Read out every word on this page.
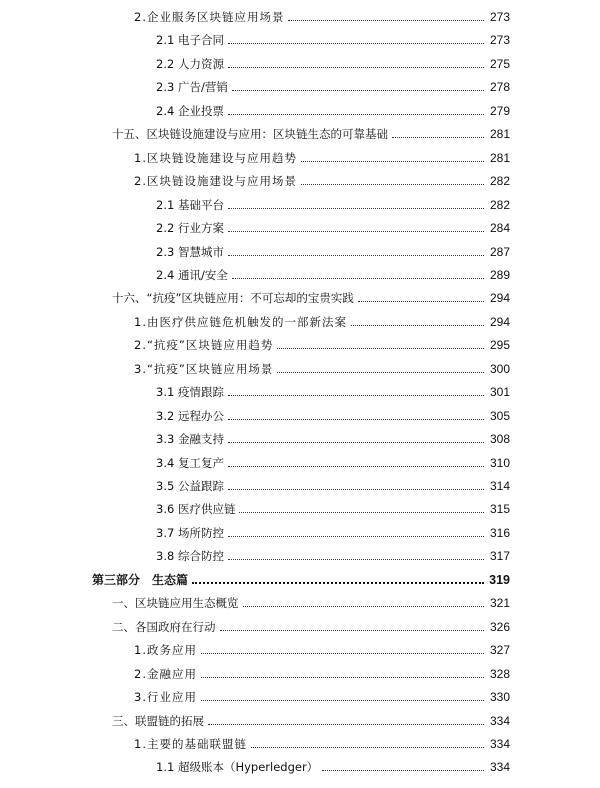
2.企业服务区块链应用场景	273
2.1 电子合同	273
2.2 人力资源	275
2.3 广告/营销	278
2.4 企业投票	279
十五、区块链设施建设与应用：区块链生态的可靠基础	281
1.区块链设施建设与应用趋势	281
2.区块链设施建设与应用场景	282
2.1 基础平台	282
2.2 行业方案	284
2.3 智慧城市	287
2.4 通讯/安全	289
十六、“抗疫”区块链应用：不可忘却的宝贵实践	294
1.由医疗供应链危机触发的一部新法案	294
2.“抗疫”区块链应用趋势	295
3.“抗疫”区块链应用场景	300
3.1 疫情跟踪	301
3.2 远程办公	305
3.3 金融支持	308
3.4 复工复产	310
3.5 公益跟踪	314
3.6 医疗供应链	315
3.7 场所防控	316
3.8 综合防控	317
第三部分　生态篇	319
一、区块链应用生态概览	321
二、各国政府在行动	326
1.政务应用	327
2.金融应用	328
3.行业应用	330
三、联盟链的拓展	334
1.主要的基础联盟链	334
1.1 超级账本（Hyperledger）	334
